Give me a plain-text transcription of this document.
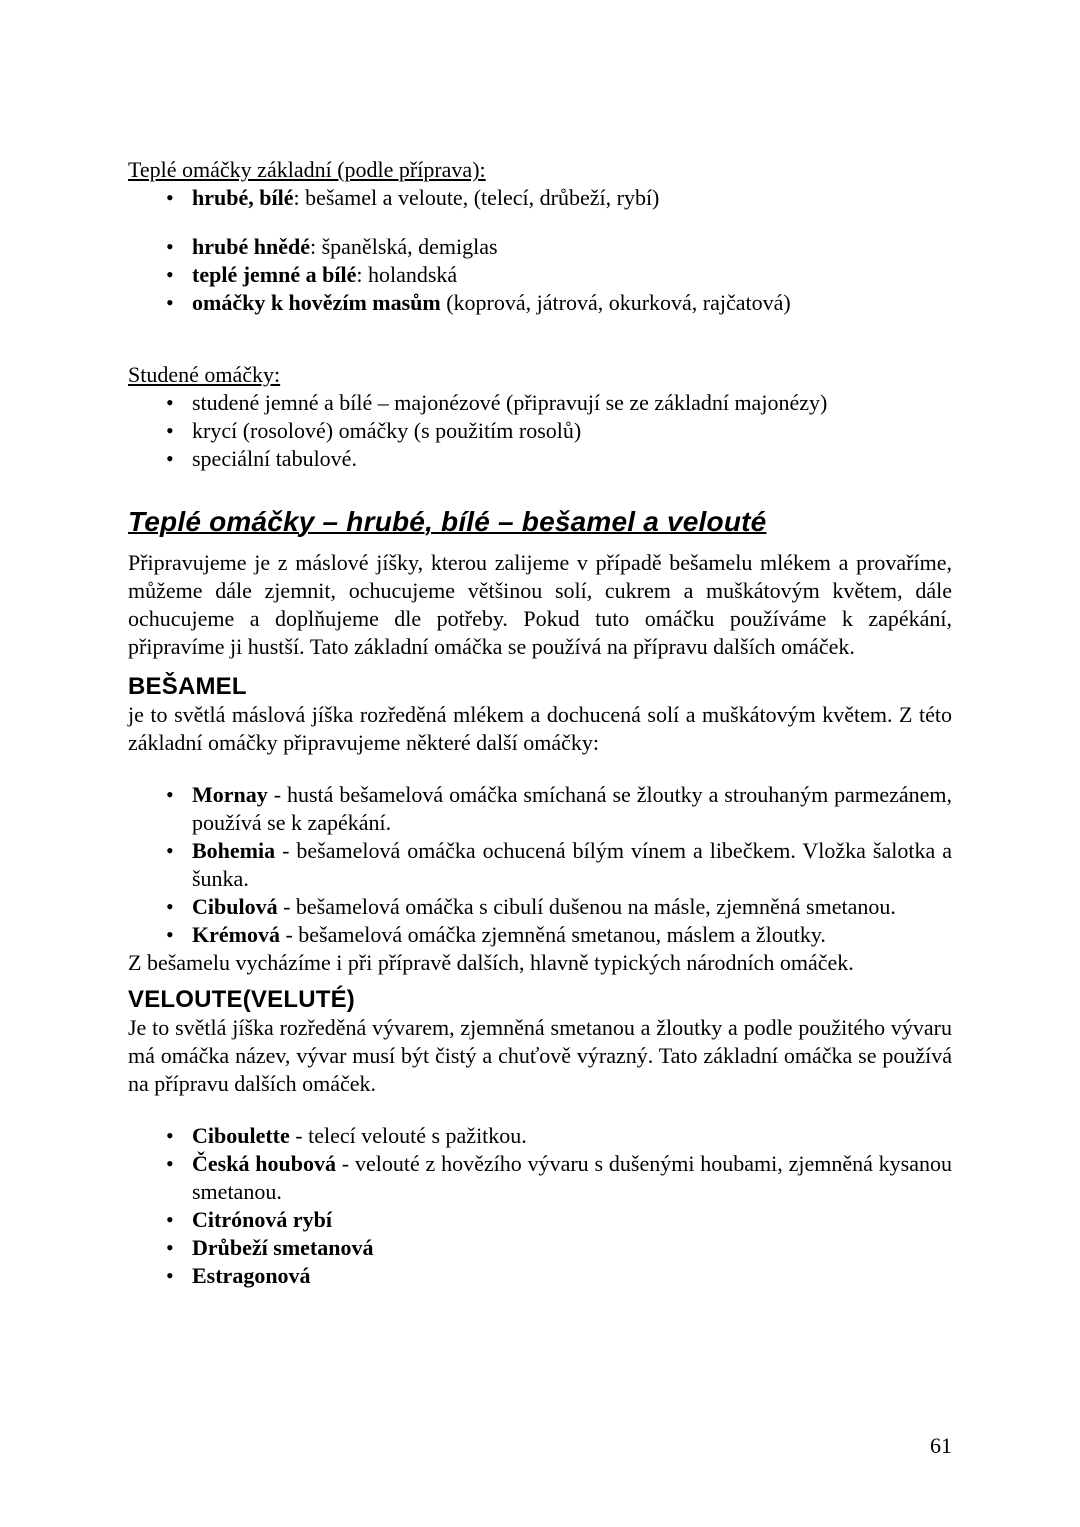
Teplé omáčky základní (podle příprava):
• hrubé, bílé: bešamel a veloute, (telecí, drůbeží, rybí)
• hrubé hnědé: španělská, demiglas
• teplé jemné a bílé: holandská
• omáčky k hovězím masům (koprová, játrová, okurková, rajčatová)
Studené omáčky:
• studené jemné a bílé – majonézové (připravují se ze základní majonézy)
• krycí (rosolové) omáčky (s použitím rosolů)
• speciální tabulové.
Teplé omáčky – hrubé, bílé – bešamel a velouté

Připravujeme je z máslové jíšky, kterou zalijeme v případě bešamelu mlékem a provaříme, můžeme dále zjemnit, ochucujeme většinou solí, cukrem a muškátovým květem, dále ochucujeme a doplňujeme dle potřeby. Pokud tuto omáčku používáme k zapékání, připravíme ji hustší. Tato základní omáčka se používá na přípravu dalších omáček.

BEŠAMEL

je to světlá máslová jíška rozředěná mlékem a dochucená solí a muškátovým květem. Z této základní omáčky připravujeme některé další omáčky:

• Mornay - hustá bešamelová omáčka smíchaná se žloutky a strouhaným parmezánem, používá se k zapékání.
• Bohemia - bešamelová omáčka ochucená bílým vínem a libečkem. Vložka šalotka a šunka.
• Cibulová - bešamelová omáčka s cibulí dušenou na másle, zjemněná smetanou.
• Krémová - bešamelová omáčka zjemněná smetanou, máslem a žloutky.

Z bešamelu vycházíme i při přípravě dalších, hlavně typických národních omáček.

VELOUTE(VELUTÉ)

Je to světlá jíška rozředěná vývarem, zjemněná smetanou a žloutky a podle použitého vývaru má omáčka název, vývar musí být čistý a chuťově výrazný. Tato základní omáčka se používá na přípravu dalších omáček.

• Ciboulette - telecí velouté s pažitkou.
• Česká houbová - velouté z hovězího vývaru s dušenými houbami, zjemněná kysanou smetanou.
• Citrónová rybí
• Drůbeží smetanová
• Estragonová
61
